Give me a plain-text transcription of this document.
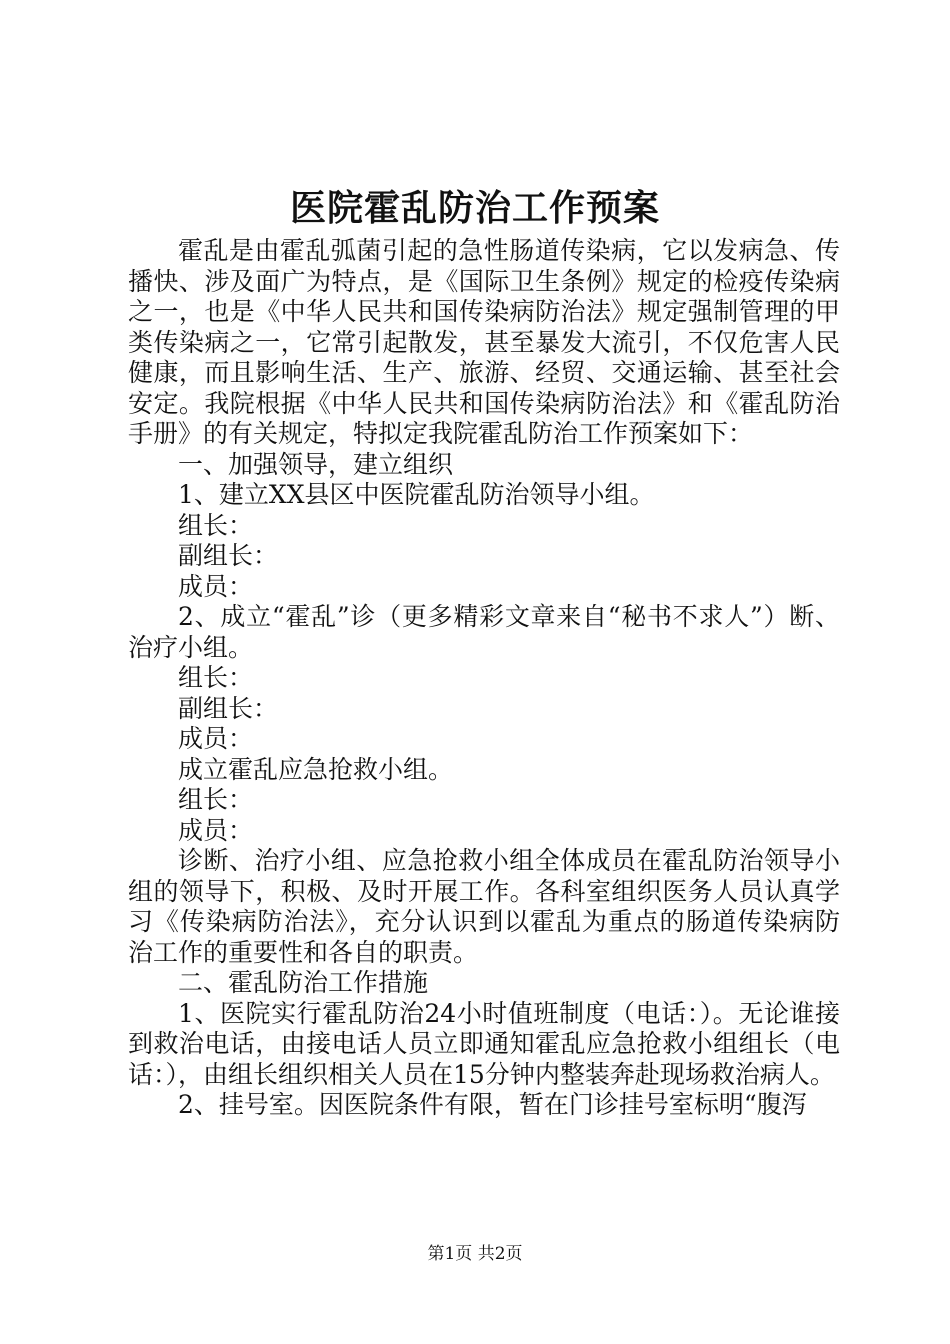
医院霍乱防治工作预案

霍乱是由霍乱弧菌引起的急性肠道传染病，它以发病急、传播快、涉及面广为特点，是《国际卫生条例》规定的检疫传染病之一，也是《中华人民共和国传染病防治法》规定强制管理的甲类传染病之一，它常引起散发，甚至暴发大流引，不仅危害人民健康，而且影响生活、生产、旅游、经贸、交通运输、甚至社会安定。我院根据《中华人民共和国传染病防治法》和《霍乱防治手册》的有关规定，特拟定我院霍乱防治工作预案如下：

一、加强领导，建立组织

1、建立XX县区中医院霍乱防治领导小组。

组长：

副组长：

成员：

2、成立“霍乱”诊（更多精彩文章来自“秘书不求人”）断、治疗小组。

组长：

副组长：

成员：

成立霍乱应急抢救小组。

组长：

成员：

诊断、治疗小组、应急抢救小组全体成员在霍乱防治领导小组的领导下，积极、及时开展工作。各科室组织医务人员认真学习《传染病防治法》，充分认识到以霍乱为重点的肠道传染病防治工作的重要性和各自的职责。

二、霍乱防治工作措施

1、医院实行霍乱防治24小时值班制度（电话：）。无论谁接到救治电话，由接电话人员立即通知霍乱应急抢救小组组长（电话：），由组长组织相关人员在15分钟内整装奔赴现场救治病人。

2、挂号室。因医院条件有限，暂在门诊挂号室标明“腹泻

第1页 共2页
